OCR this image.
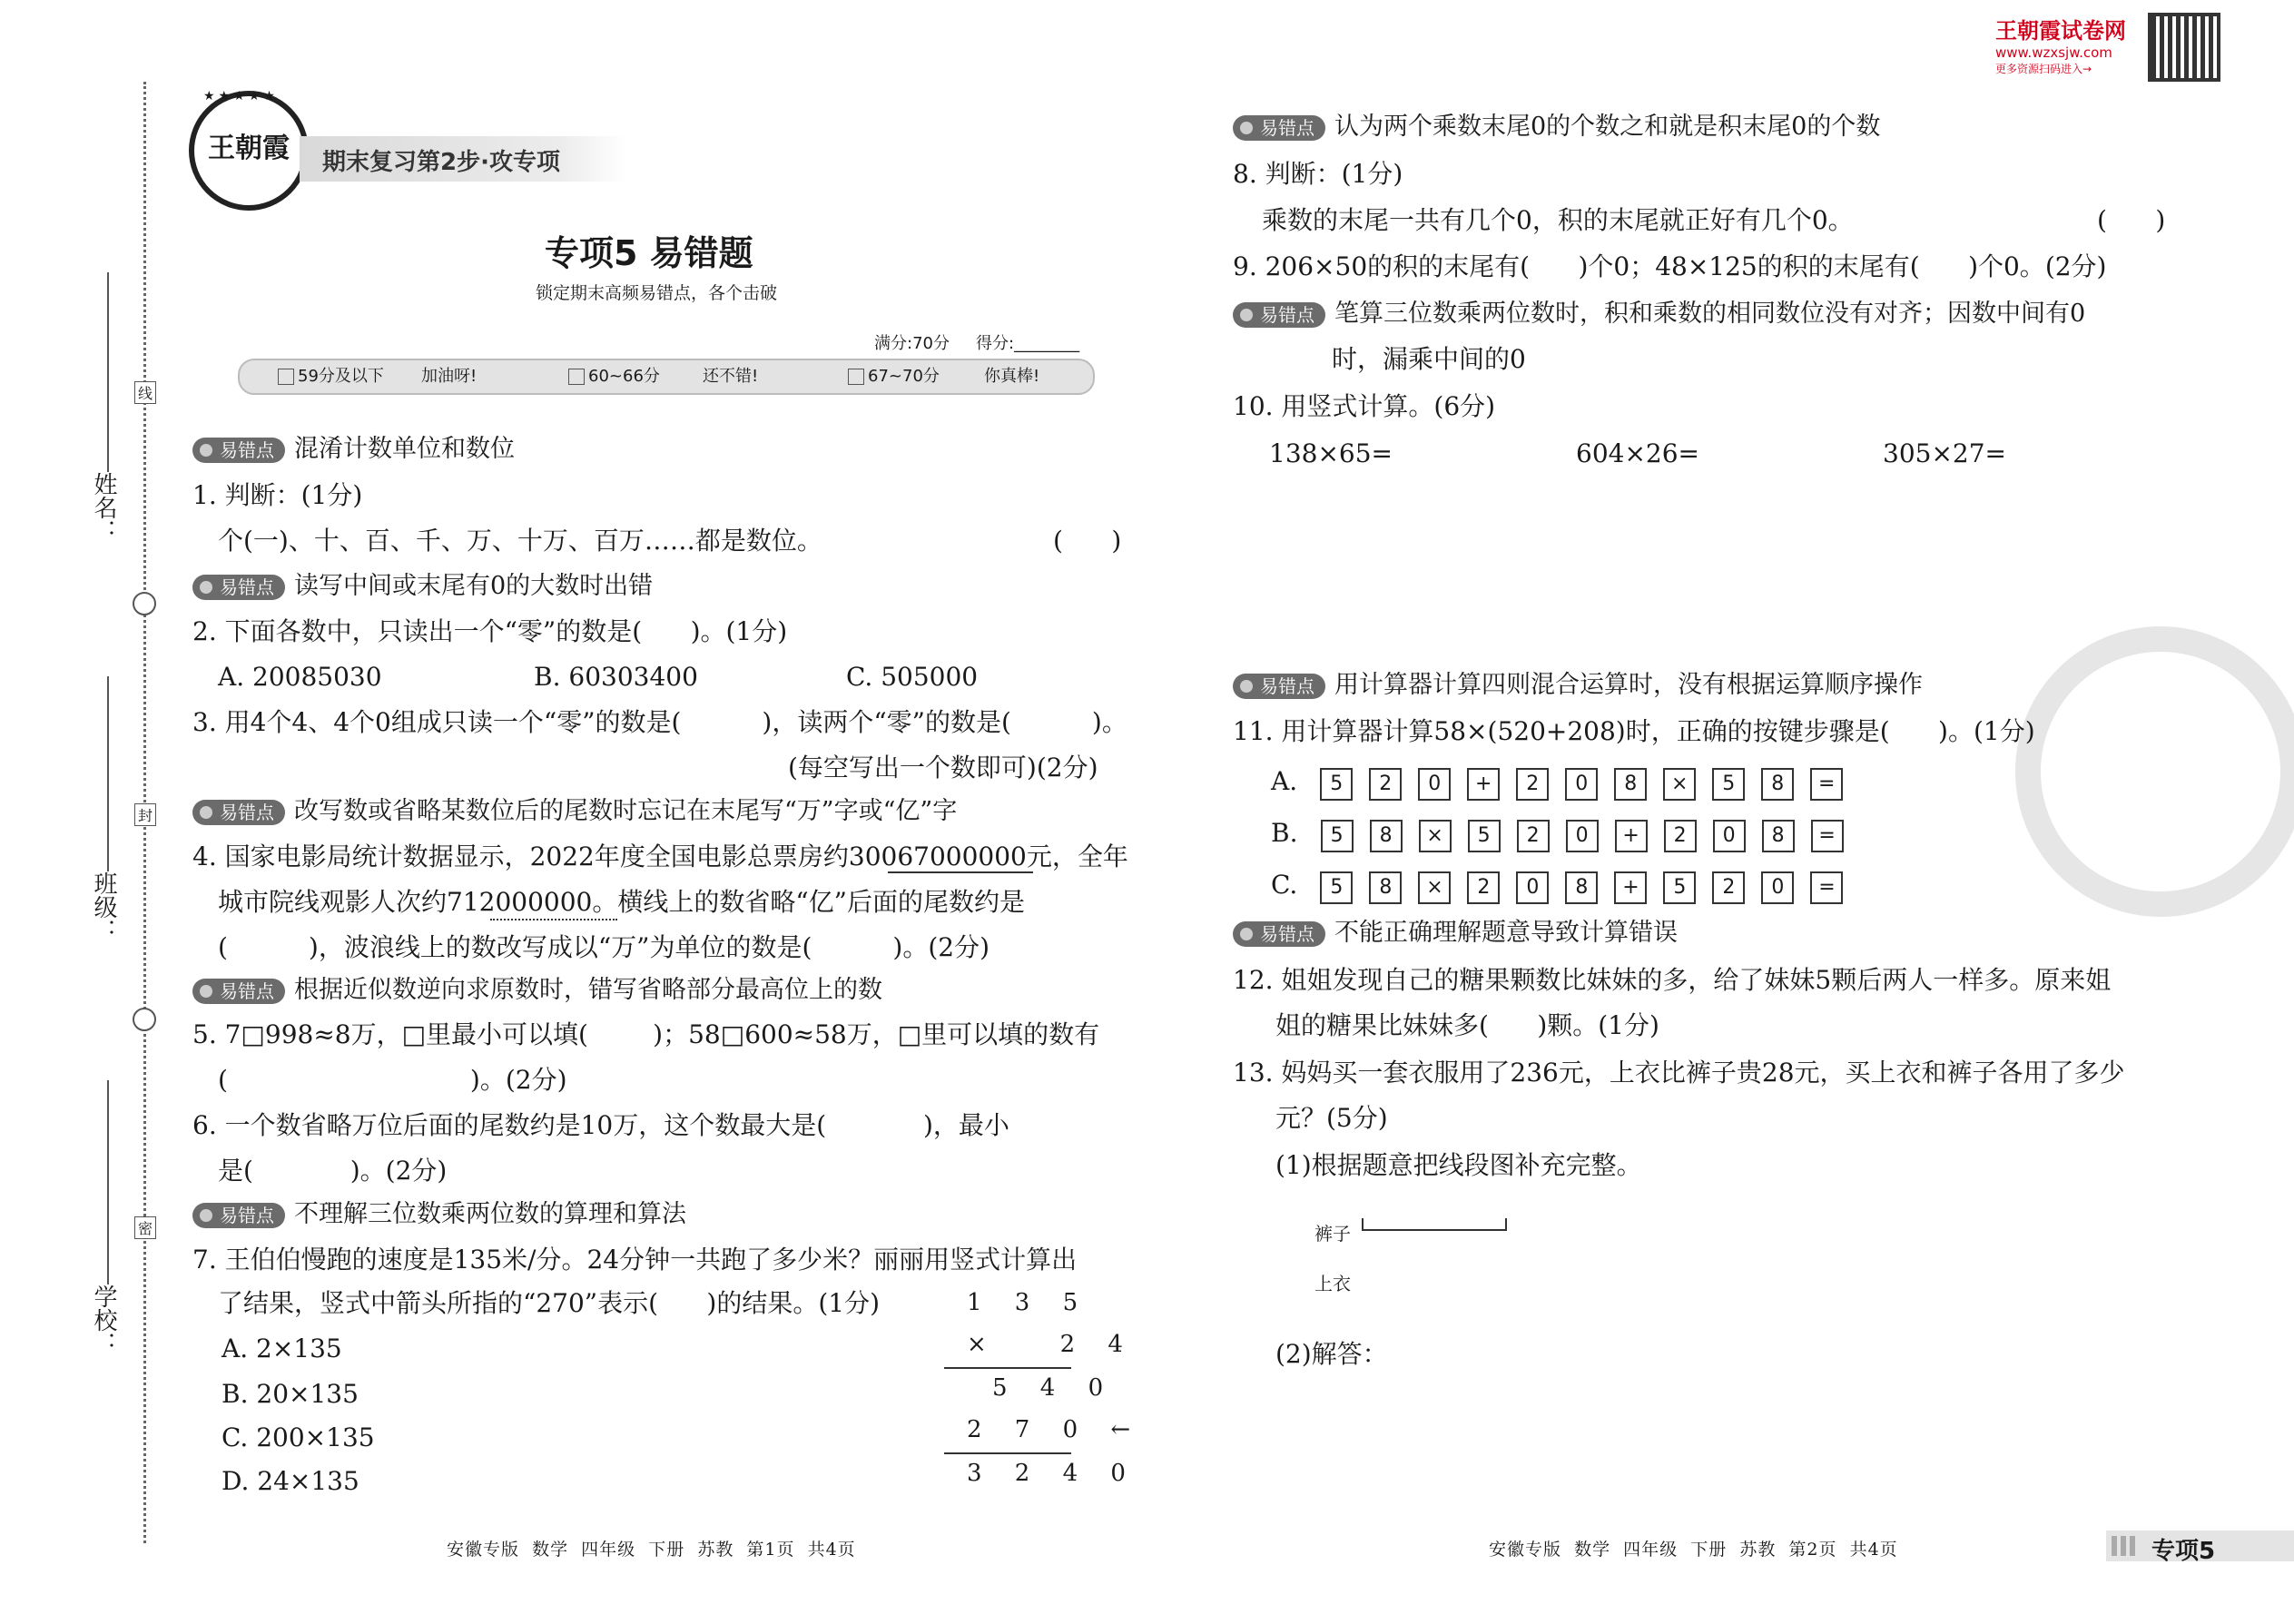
姓名：
班级：
学校：
线
封
密
王朝霞
★★★★★
期末复习第2步·攻专项
专项5 易错题
锁定期末高频易错点，各个击破
满分:70分 得分:________
59分及以下 加油呀!	60~66分	还不错!	67~70分	你真棒!
易错点 混淆计数单位和数位
1. 判断：(1分)
个(一)、十、百、千、万、十万、百万……都是数位。	(      )
易错点 读写中间或末尾有0的大数时出错
2. 下面各数中，只读出一个“零”的数是(      )。(1分)
A. 20085030	B. 60303400	C. 505000
3. 用4个4、4个0组成只读一个“零”的数是(          )，读两个“零”的数是(          )。
(每空写出一个数即可)(2分)
易错点 改写数或省略某数位后的尾数时忘记在末尾写“万”字或“亿”字
4. 国家电影局统计数据显示，2022年度全国电影总票房约30067000000元，全年
城市院线观影人次约712000000。横线上的数省略“亿”后面的尾数约是
(          )，波浪线上的数改写成以“万”为单位的数是(          )。(2分)
易错点 根据近似数逆向求原数时，错写省略部分最高位上的数
5. 7□998≈8万，□里最小可以填(        )；58□600≈58万，□里可以填的数有
(                              )。(2分)
6. 一个数省略万位后面的尾数约是10万，这个数最大是(            )，最小
是(            )。(2分)
易错点 不理解三位数乘两位数的算理和算法
7. 王伯伯慢跑的速度是135米/分。24分钟一共跑了多少米？丽丽用竖式计算出
了结果，竖式中箭头所指的“270”表示(      )的结果。(1分)
A. 2×135
B. 20×135
C. 200×135
D. 24×135
1 3 5
×   2 4
5 4 0
2 7 0 ←
3 2 4 0
安徽专版  数学  四年级  下册  苏教  第1页  共4页
王朝霞试卷网
www.wzxsjw.com
更多资源扫码进入→
易错点 认为两个乘数末尾0的个数之和就是积末尾0的个数
8. 判断：(1分)
乘数的末尾一共有几个0，积的末尾就正好有几个0。	(      )
9. 206×50的积的末尾有(      )个0；48×125的积的末尾有(      )个0。(2分)
易错点 笔算三位数乘两位数时，积和乘数的相同数位没有对齐；因数中间有0
时，漏乘中间的0
10. 用竖式计算。(6分)
138×65=	604×26=	305×27=
易错点 用计算器计算四则混合运算时，没有根据运算顺序操作
11. 用计算器计算58×(520+208)时，正确的按键步骤是(      )。(1分)
A. 5 2 0 + 2 0 8 × 5 8 =
B. 5 8 × 5 2 0 + 2 0 8 =
C. 5 8 × 2 0 8 + 5 2 0 =
易错点 不能正确理解题意导致计算错误
12. 姐姐发现自己的糖果颗数比妹妹的多，给了妹妹5颗后两人一样多。原来姐
姐的糖果比妹妹多(      )颗。(1分)
13. 妈妈买一套衣服用了236元，上衣比裤子贵28元，买上衣和裤子各用了多少
元？(5分)
(1)根据题意把线段图补充完整。
裤子
上衣
(2)解答：
安徽专版  数学  四年级  下册  苏教  第2页  共4页	专项5
